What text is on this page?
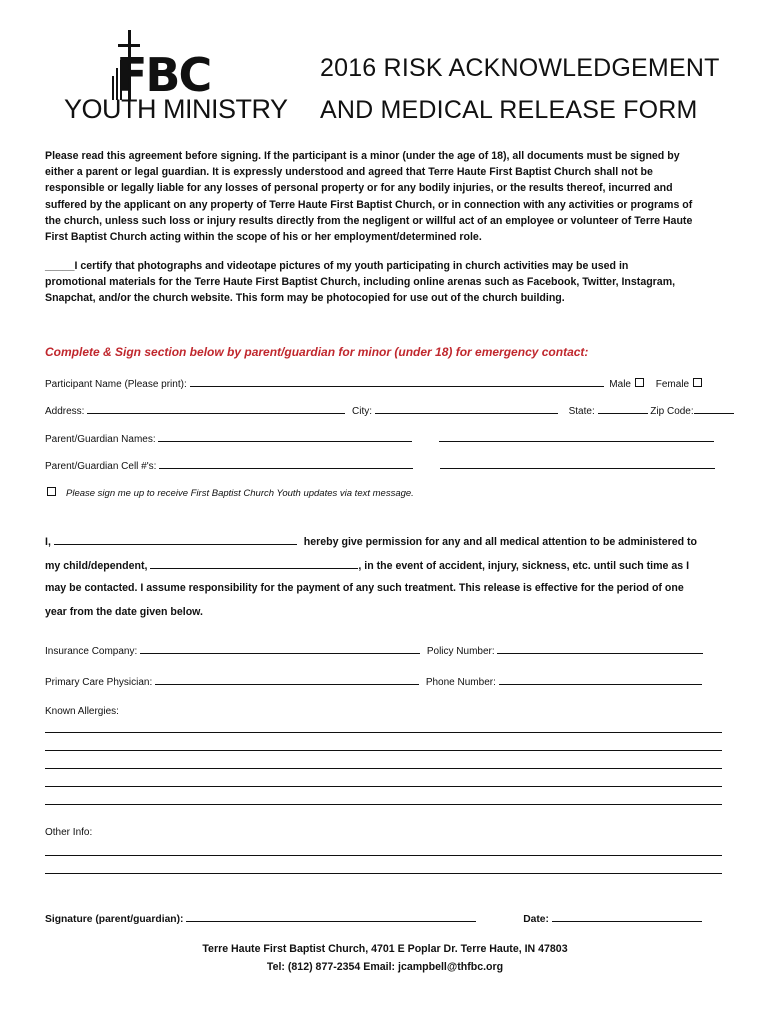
FBC
YOUTH MINISTRY
2016 RISK ACKNOWLEDGEMENT
AND MEDICAL RELEASE FORM
Please read this agreement before signing. If the participant is a minor (under the age of 18), all documents must be signed by
either a parent or legal guardian. It is expressly understood and agreed that Terre Haute First Baptist Church shall not be
responsible or legally liable for any losses of personal property or for any bodily injuries, or the results thereof, incurred and
suffered by the applicant on any property of Terre Haute First Baptist Church, or in connection with any activities or programs of
the church, unless such loss or injury results directly from the negligent or willful act of an employee or volunteer of Terre Haute
First Baptist Church acting within the scope of his or her employment/determined role.
_____I certify that photographs and videotape pictures of my youth participating in church activities may be used in
promotional materials for the Terre Haute First Baptist Church, including online arenas such as Facebook, Twitter, Instagram,
Snapchat, and/or the church website. This form may be photocopied for use out of the church building.
Complete & Sign section below by parent/guardian for minor (under 18) for emergency contact:
Participant Name (Please print):	Male Female
Address:	City:	State:	Zip Code:
Parent/Guardian Names:
Parent/Guardian Cell #'s:
Please sign me up to receive First Baptist Church Youth updates via text message.
I,	hereby give permission for any and all medical attention to be administered to
my child/dependent,	, in the event of accident, injury, sickness, etc. until such time as I
may be contacted. I assume responsibility for the payment of any such treatment. This release is effective for the period of one
year from the date given below.
Insurance Company:	Policy Number:
Primary Care Physician:	Phone Number:
Known Allergies:
Other Info:
Signature (parent/guardian):	Date:
Terre Haute First Baptist Church, 4701 E Poplar Dr. Terre Haute, IN 47803
Tel: (812) 877-2354 Email: jcampbell@thfbc.org
